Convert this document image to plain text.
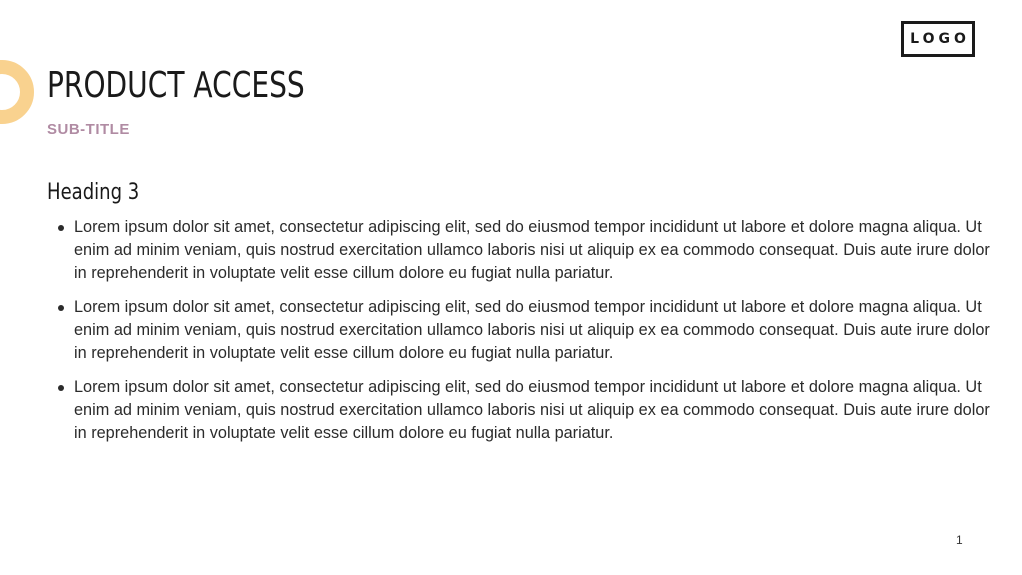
LOGO
PRODUCT ACCESS
SUB-TITLE
Heading 3
Lorem ipsum dolor sit amet, consectetur adipiscing elit, sed do eiusmod tempor incididunt ut labore et dolore magna aliqua. Ut enim ad minim veniam, quis nostrud exercitation ullamco laboris nisi ut aliquip ex ea commodo consequat. Duis aute irure dolor in reprehenderit in voluptate velit esse cillum dolore eu fugiat nulla pariatur.
Lorem ipsum dolor sit amet, consectetur adipiscing elit, sed do eiusmod tempor incididunt ut labore et dolore magna aliqua. Ut enim ad minim veniam, quis nostrud exercitation ullamco laboris nisi ut aliquip ex ea commodo consequat. Duis aute irure dolor in reprehenderit in voluptate velit esse cillum dolore eu fugiat nulla pariatur.
Lorem ipsum dolor sit amet, consectetur adipiscing elit, sed do eiusmod tempor incididunt ut labore et dolore magna aliqua. Ut enim ad minim veniam, quis nostrud exercitation ullamco laboris nisi ut aliquip ex ea commodo consequat. Duis aute irure dolor in reprehenderit in voluptate velit esse cillum dolore eu fugiat nulla pariatur.
1
